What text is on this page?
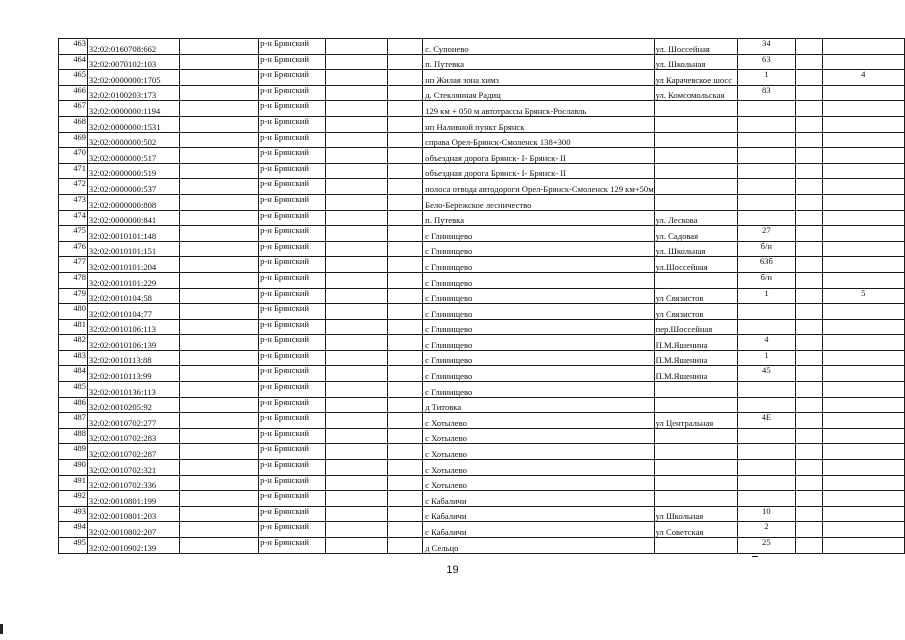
463	32:02:0160708:662		р-н Брянский			с. Супонево	ул. Шоссейная	34		
464	32:02:0070102:103		р-н Брянский			п. Путевка	ул. Школьная	63		
465	32:02:0000000:1705		р-н Брянский			нп Жилая зона химз	ул Карачевское шосс	1		4
466	32:02:0100203:173		р-н Брянский			д. Стеклянная Радиц	ул. Комсомольская	83		
467	32:02:0000000:1194		р-н Брянский			129 км + 050 м автотрассы Брянск-Рославль				
468	32:02:0000000:1531		р-н Брянский			нп Наливной пункт Брянск				
469	32:02:0000000:502		р-н Брянский			справа Орел-Брянск-Смоленск 138+300				
470	32:02:0000000:517		р-н Брянский			объездная дорога Брянск- I- Брянск- II				
471	32:02:0000000:519		р-н Брянский			объездная дорога Брянск- I- Брянск- II				
472	32:02:0000000:537		р-н Брянский			полоса отвода автодороги Орел-Брянск-Смоленск 129 км+50м				
473	32:02:0000000:808		р-н Брянский			Бело-Бережское лесничество				
474	32:02:0000000:841		р-н Брянский			п. Путевка	ул. Лескова			
475	32:02:0010101:148		р-н Брянский			с Глинищево	ул. Садовая	27		
476	32:02:0010101:151		р-н Брянский			с Глинищево	ул. Школьная	б/н		
477	32:02:0010101:204		р-н Брянский			с Глинищево	ул.Шоссейная	63б		
478	32:02:0010101:229		р-н Брянский			с Глинищево		б/н		
479	32:02:0010104:58		р-н Брянский			с Глинищево	ул Связистов	1		5
480	32:02:0010104:77		р-н Брянский			с Глинищево	ул Связистов			
481	32:02:0010106:113		р-н Брянский			с Глинищево	пер.Шоссейная			
482	32:02:0010106:139		р-н Брянский			с Глинищево	П.М.Яшенина	4		
483	32:02:0010113:88		р-н Брянский			с Глинищево	П.М.Яшенина	1		
484	32:02:0010113:99		р-н Брянский			с Глинищево	П.М.Яшенина	45		
485	32:02:0010136:113		р-н Брянский			с Глинищево				
486	32:02:0010205:92		р-н Брянский			д Титовка				
487	32:02:0010702:277		р-н Брянский			с Хотылево	ул Центральная	4Е		
488	32:02:0010702:283		р-н Брянский			с Хотылево				
489	32:02:0010702:287		р-н Брянский			с Хотылево				
490	32:02:0010702:321		р-н Брянский			с Хотылево				
491	32:02:0010702:336		р-н Брянский			с Хотылево				
492	32:02:0010801:199		р-н Брянский			с Кабаличи				
493	32:02:0010801:203		р-н Брянский			с Кабаличи	ул Школьная	10		
494	32:02:0010802:207		р-н Брянский			с Кабаличи	ул Советская	2		
495	32:02:0010902:139		р-н Брянский			д Сельцо		25		
19
